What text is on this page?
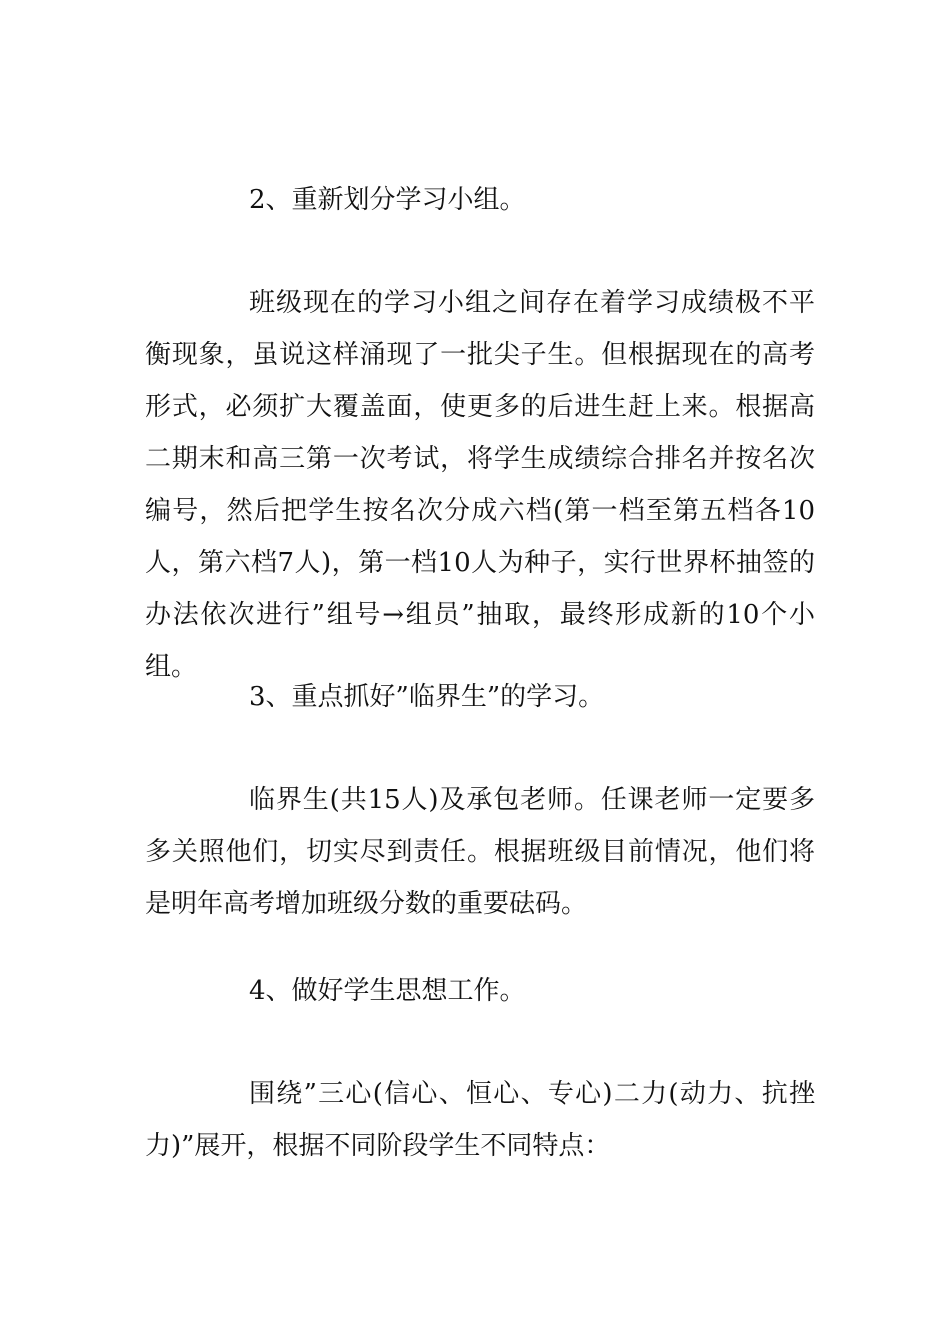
2、重新划分学习小组。

班级现在的学习小组之间存在着学习成绩极不平衡现象，虽说这样涌现了一批尖子生。但根据现在的高考形式，必须扩大覆盖面，使更多的后进生赶上来。根据高二期末和高三第一次考试，将学生成绩综合排名并按名次编号，然后把学生按名次分成六档(第一档至第五档各10人，第六档7人)，第一档10人为种子，实行世界杯抽签的办法依次进行”组号→组员”抽取，最终形成新的10个小组。

3、重点抓好”临界生”的学习。

临界生(共15人)及承包老师。任课老师一定要多多关照他们，切实尽到责任。根据班级目前情况，他们将是明年高考增加班级分数的重要砝码。

4、做好学生思想工作。

围绕”三心(信心、恒心、专心)二力(动力、抗挫力)”展开，根据不同阶段学生不同特点：
